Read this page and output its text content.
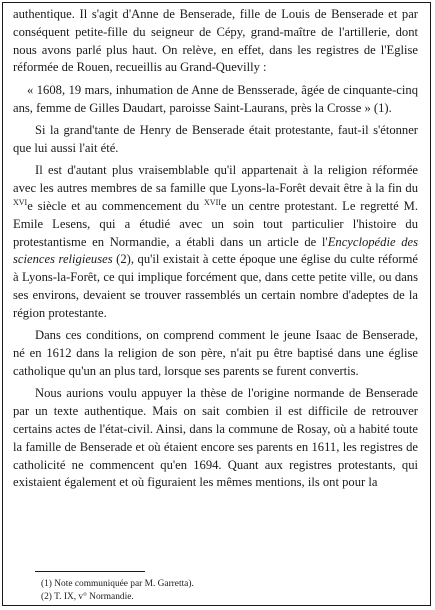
authentique. Il s'agit d'Anne de Benserade, fille de Louis de Benserade et par conséquent petite-fille du seigneur de Cépy, grand-maître de l'artillerie, dont nous avons parlé plus haut. On relève, en effet, dans les registres de l'Eglise réformée de Rouen, recueillis au Grand-Quevilly :

« 1608, 19 mars, inhumation de Anne de Bensserade, âgée de cinquante-cinq ans, femme de Gilles Daudart, paroisse Saint-Laurans, près la Crosse » (1).

Si la grand'tante de Henry de Benserade était protestante, faut-il s'étonner que lui aussi l'ait été.

Il est d'autant plus vraisemblable qu'il appartenait à la religion réformée avec les autres membres de sa famille que Lyons-la-Forêt devait être à la fin du $^{XVI}$e siècle et au commencement du $^{XVII}$e un centre protestant. Le regretté M. Emile Lesens, qui a étudié avec un soin tout particulier l'histoire du protestantisme en Normandie, a établi dans un article de l'Encyclopédie des sciences religieuses (2), qu'il existait à cette époque une église du culte réformé à Lyons-la-Forêt, ce qui implique forcément que, dans cette petite ville, ou dans ses environs, devaient se trouver rassemblés un certain nombre d'adeptes de la région protestante.

Dans ces conditions, on comprend comment le jeune Isaac de Benserade, né en 1612 dans la religion de son père, n'ait pu être baptisé dans une église catholique qu'un an plus tard, lorsque ses parents se furent convertis.

Nous aurions voulu appuyer la thèse de l'origine normande de Benserade par un texte authentique. Mais on sait combien il est difficile de retrouver certains actes de l'état-civil. Ainsi, dans la commune de Rosay, où a habité toute la famille de Benserade et où étaient encore ses parents en 1611, les registres de catholicité ne commencent qu'en 1694. Quant aux registres protestants, qui existaient également et où figuraient les mêmes mentions, ils ont pour la

(1) Note communiquée par M. Garretta).
(2) T. IX, v° Normandie.
